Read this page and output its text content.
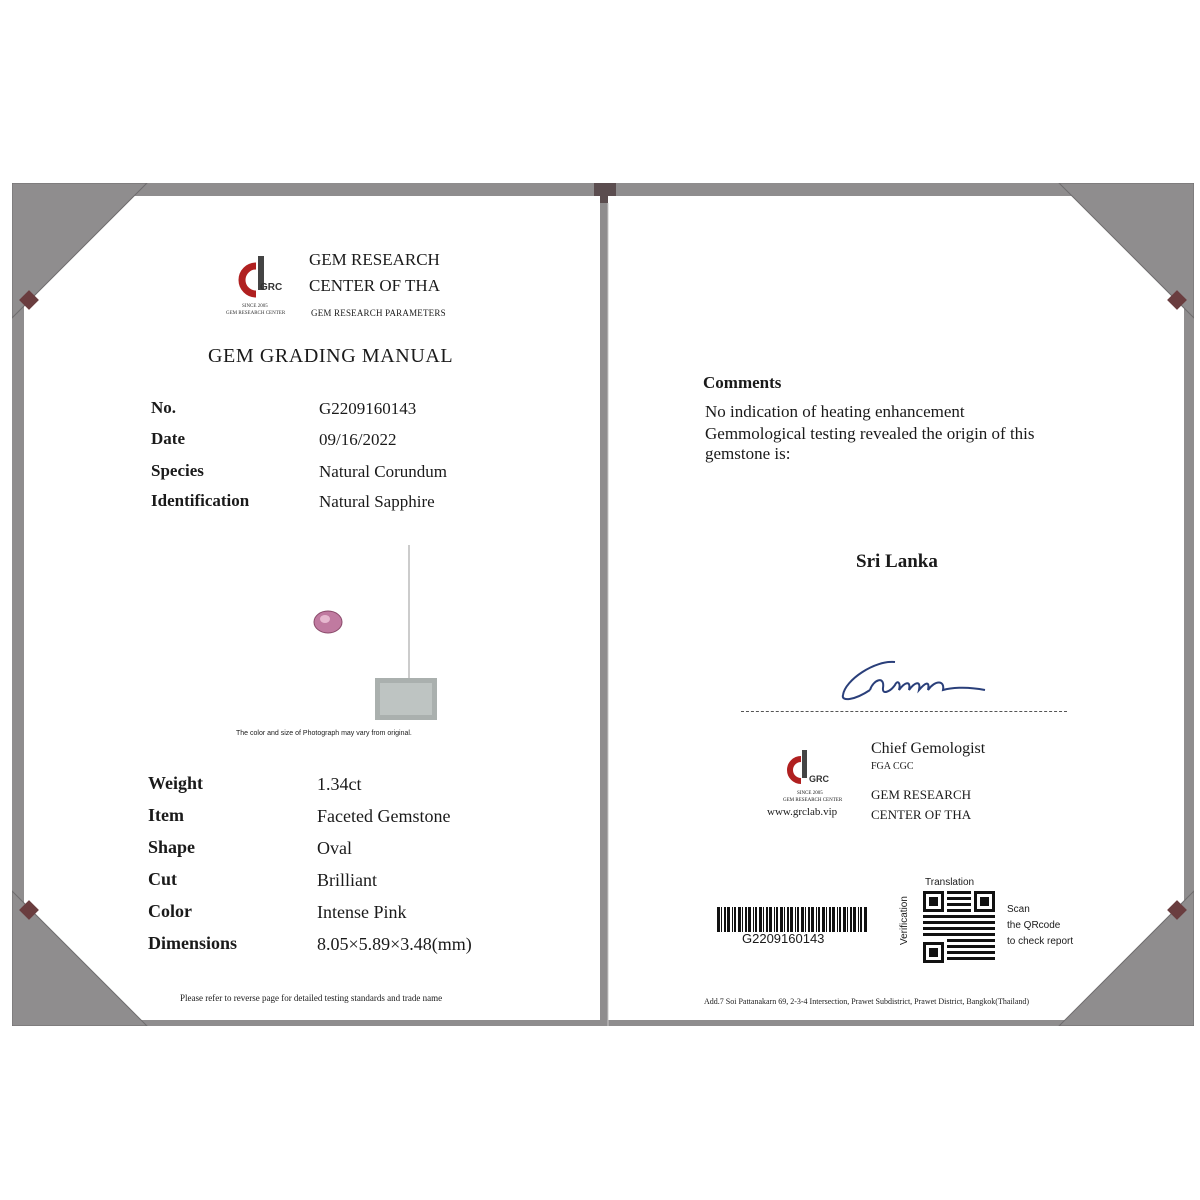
GRC
SINCE 2005
GEM RESEARCH CENTER
GEM RESEARCH
CENTER OF THA
GEM RESEARCH PARAMETERS
GEM GRADING MANUAL
No.	G2209160143
Date	09/16/2022
Species	Natural Corundum
Identification	Natural Sapphire
The color and size of Photograph may vary from original.
Weight	1.34ct
Item	Faceted Gemstone
Shape	Oval
Cut	Brilliant
Color	Intense Pink
Dimensions	8.05×5.89×3.48(mm)
Please refer to reverse page for detailed testing standards and trade name
Comments
No indication of heating enhancement
Gemmological testing revealed the origin of this
gemstone is:
Sri Lanka
GRC
SINCE 2005
GEM RESEARCH CENTER
www.grclab.vip
Chief Gemologist
FGA CGC
GEM RESEARCH
CENTER OF THA
G2209160143
Translation
Verification	Scan
the QRcode
to check report
Add.7 Soi Pattanakarn 69, 2-3-4 Intersection, Prawet Subdistrict, Prawet District, Bangkok(Thailand)
